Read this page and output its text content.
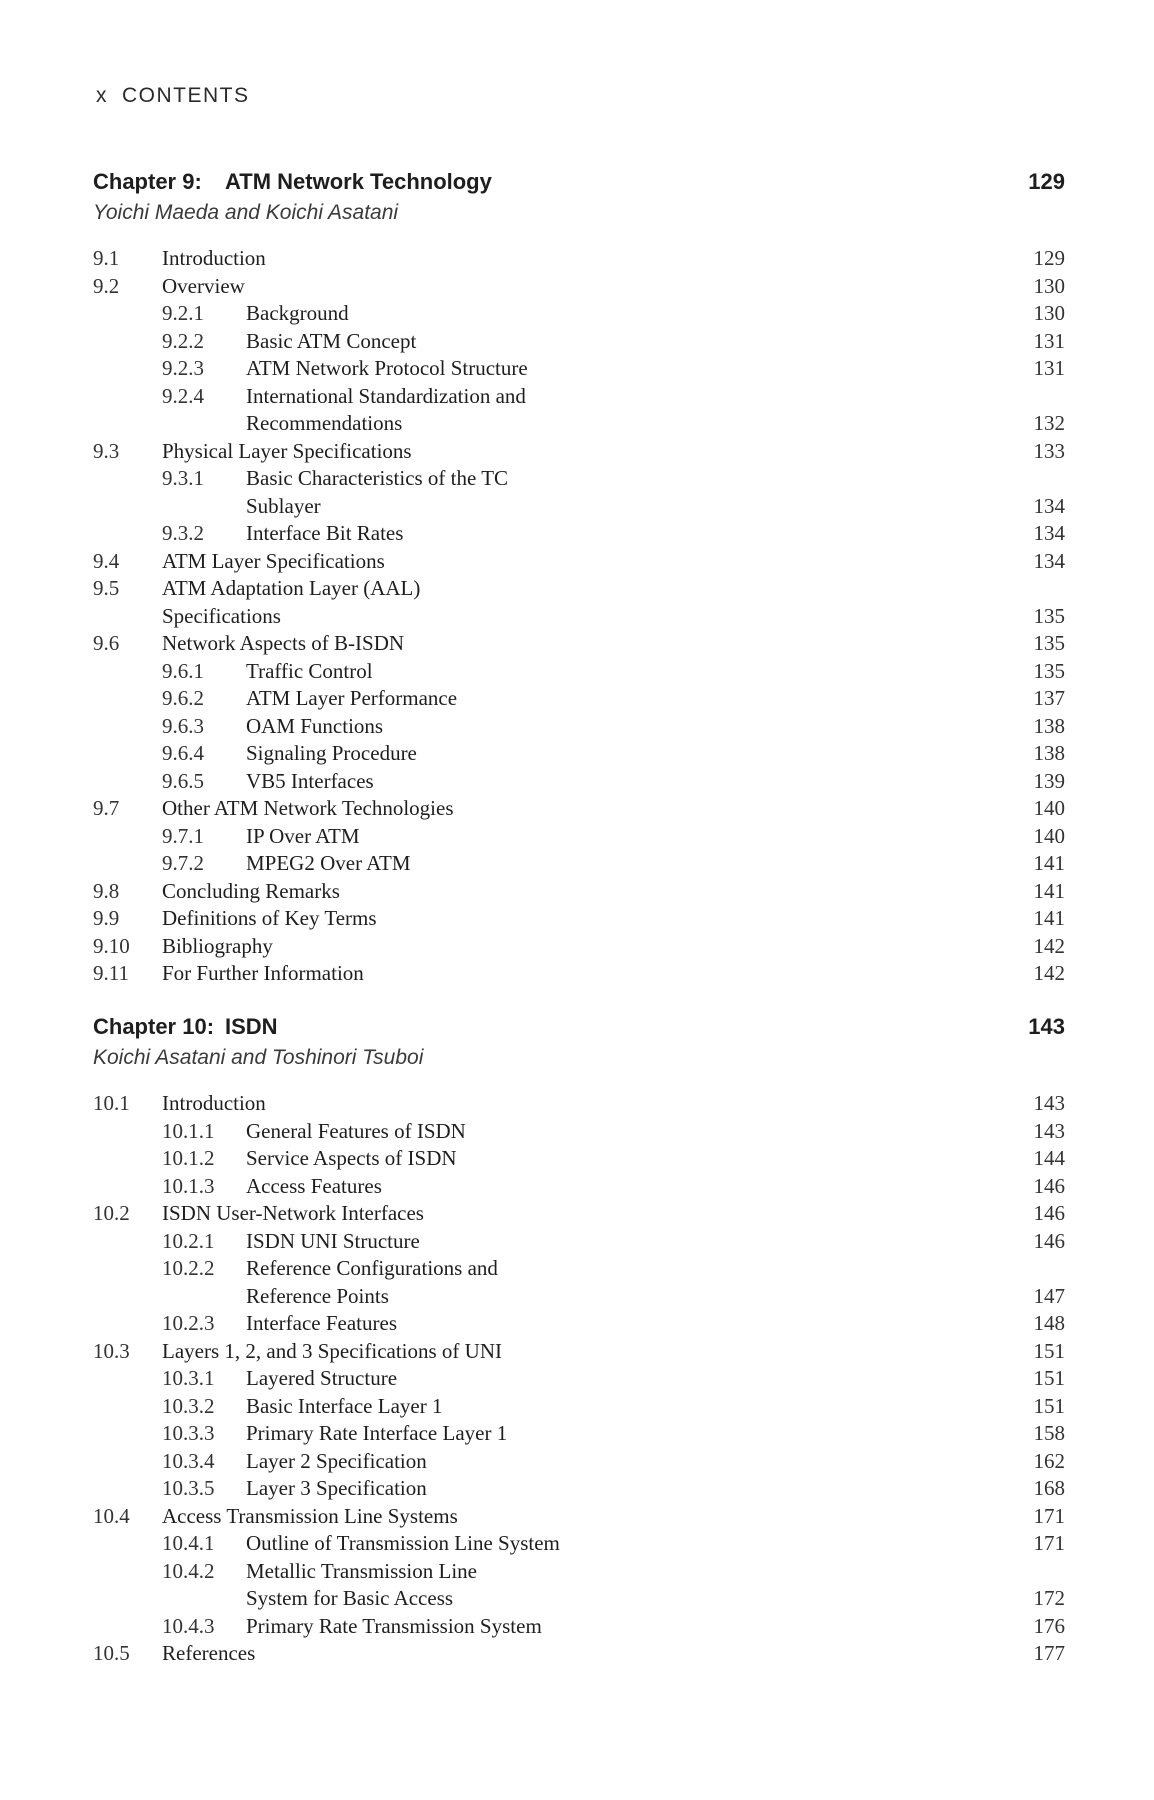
x CONTENTS
Chapter 9: ATM Network Technology	129
Yoichi Maeda and Koichi Asatani
9.1 Introduction	129
9.2 Overview	130
9.2.1 Background	130
9.2.2 Basic ATM Concept	131
9.2.3 ATM Network Protocol Structure	131
9.2.4 International Standardization and Recommendations	132
9.3 Physical Layer Specifications	133
9.3.1 Basic Characteristics of the TC Sublayer	134
9.3.2 Interface Bit Rates	134
9.4 ATM Layer Specifications	134
9.5 ATM Adaptation Layer (AAL) Specifications	135
9.6 Network Aspects of B-ISDN	135
9.6.1 Traffic Control	135
9.6.2 ATM Layer Performance	137
9.6.3 OAM Functions	138
9.6.4 Signaling Procedure	138
9.6.5 VB5 Interfaces	139
9.7 Other ATM Network Technologies	140
9.7.1 IP Over ATM	140
9.7.2 MPEG2 Over ATM	141
9.8 Concluding Remarks	141
9.9 Definitions of Key Terms	141
9.10 Bibliography	142
9.11 For Further Information	142
Chapter 10: ISDN	143
Koichi Asatani and Toshinori Tsuboi
10.1 Introduction	143
10.1.1 General Features of ISDN	143
10.1.2 Service Aspects of ISDN	144
10.1.3 Access Features	146
10.2 ISDN User-Network Interfaces	146
10.2.1 ISDN UNI Structure	146
10.2.2 Reference Configurations and Reference Points	147
10.2.3 Interface Features	148
10.3 Layers 1, 2, and 3 Specifications of UNI	151
10.3.1 Layered Structure	151
10.3.2 Basic Interface Layer 1	151
10.3.3 Primary Rate Interface Layer 1	158
10.3.4 Layer 2 Specification	162
10.3.5 Layer 3 Specification	168
10.4 Access Transmission Line Systems	171
10.4.1 Outline of Transmission Line System	171
10.4.2 Metallic Transmission Line System for Basic Access	172
10.4.3 Primary Rate Transmission System	176
10.5 References	177
